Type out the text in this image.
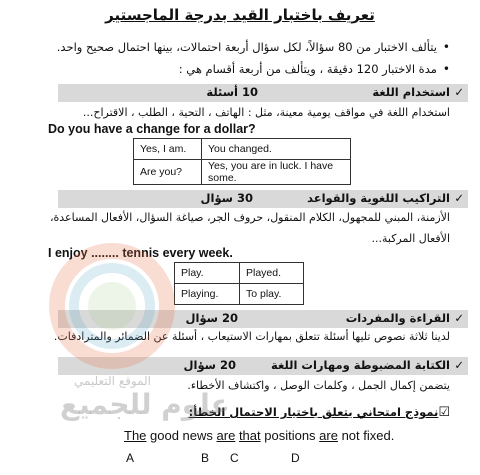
تعريف باختبار القيد بدرجة الماجستير
•يتألف الاختبار من 80 سؤالاً، لكل سؤال أربعة احتمالات، بينها احتمال صحيح واحد.
•مدة الاختبار 120 دقيقة ، ويتألف من أربعة أقسام هي :
✓
استخدام اللغة
10 أسئلة
استخدام اللغة في مواقف يومية معينة، مثل : الهاتف ، التحية ، الطلب ، الاقتراح...
Do you have a change for a dollar?
Yes, I am.	You changed.
Are you?	Yes, you are in luck. I have some.
✓
التراكيب اللغوية والقواعد
30 سؤال
الأزمنة، المبني للمجهول، الكلام المنقول، حروف الجر، صياغة السؤال، الأفعال المساعدة، الأفعال المركبة...
I enjoy ........ tennis every week.
Play.	Played.
Playing.	To play.
✓
القراءة والمفردات
20 سؤال
لدينا ثلاثة نصوص تليها أسئلة تتعلق بمهارات الاستيعاب ، أسئلة عن الضمائر والمترادفات.
✓
الكتابة المضبوطة ومهارات اللغة
20 سؤال
يتضمن إكمال الجمل ، وكلمات الوصل ، واكتشاف الأخطاء.
☑نموذج امتحاني يتعلق باختيار الاحتمال الخطأ:
The good news are that positions are not fixed.
A	B C	D
الموقع التعليمي
علوم للجميع
